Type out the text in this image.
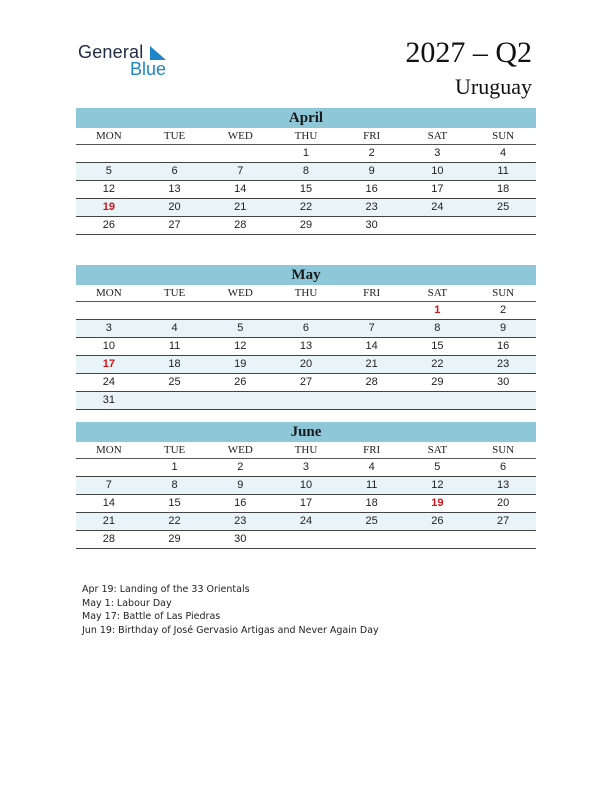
General
Blue	2027 – Q2
Uruguay
April
MON	TUE	WED	THU	FRI	SAT	SUN
			1	2	3	4
5	6	7	8	9	10	11
12	13	14	15	16	17	18
19	20	21	22	23	24	25
26	27	28	29	30		
May
MON	TUE	WED	THU	FRI	SAT	SUN
					1	2
3	4	5	6	7	8	9
10	11	12	13	14	15	16
17	18	19	20	21	22	23
24	25	26	27	28	29	30
31						
June
MON	TUE	WED	THU	FRI	SAT	SUN
	1	2	3	4	5	6
7	8	9	10	11	12	13
14	15	16	17	18	19	20
21	22	23	24	25	26	27
28	29	30				
Apr 19: Landing of the 33 Orientals
May 1: Labour Day
May 17: Battle of Las Piedras
Jun 19: Birthday of José Gervasio Artigas and Never Again Day
